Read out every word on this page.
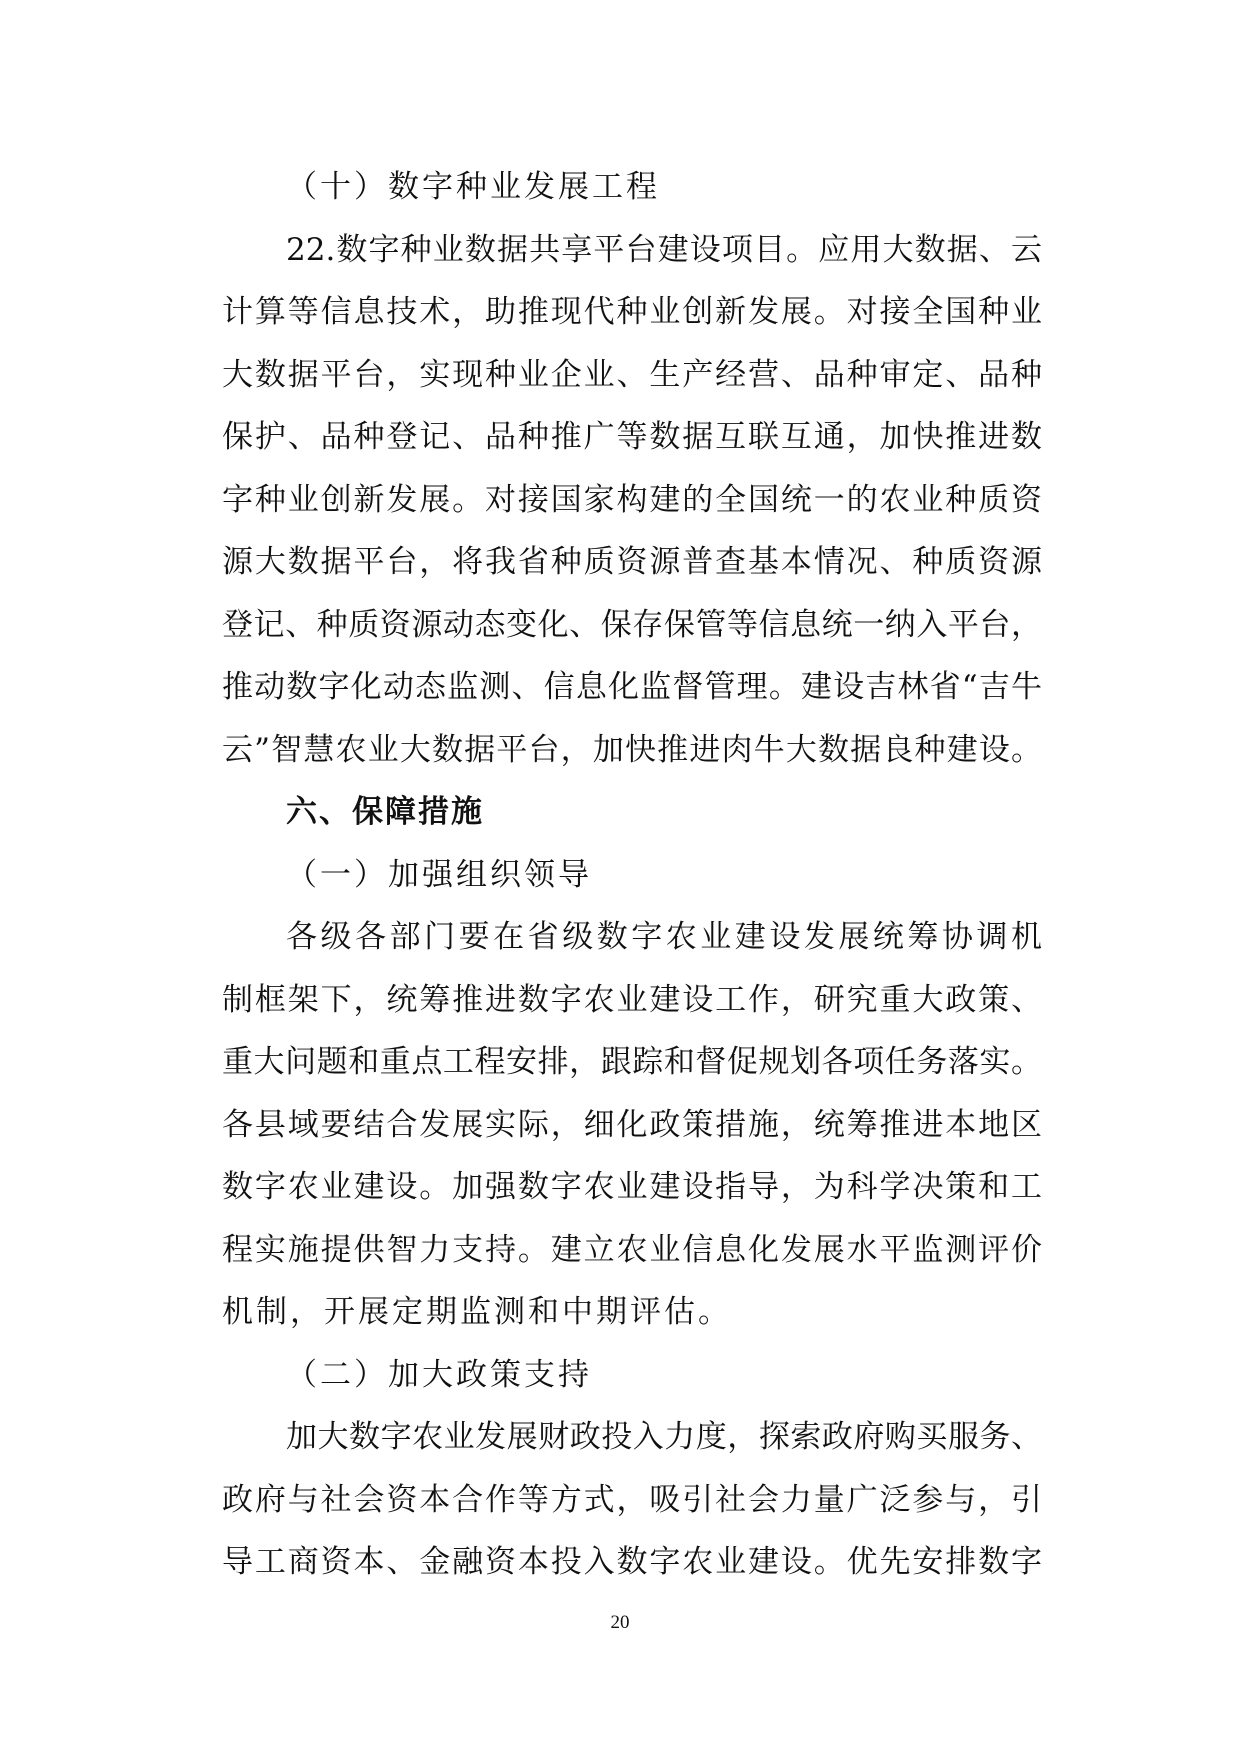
（十）数字种业发展工程
22.数字种业数据共享平台建设项目。应用大数据、云
计算等信息技术，助推现代种业创新发展。对接全国种业
大数据平台，实现种业企业、生产经营、品种审定、品种
保护、品种登记、品种推广等数据互联互通，加快推进数
字种业创新发展。对接国家构建的全国统一的农业种质资
源大数据平台，将我省种质资源普查基本情况、种质资源
登记、种质资源动态变化、保存保管等信息统一纳入平台，
推动数字化动态监测、信息化监督管理。建设吉林省“吉牛
云”智慧农业大数据平台，加快推进肉牛大数据良种建设。
六、保障措施
（一）加强组织领导
各级各部门要在省级数字农业建设发展统筹协调机
制框架下，统筹推进数字农业建设工作，研究重大政策、
重大问题和重点工程安排，跟踪和督促规划各项任务落实。
各县域要结合发展实际，细化政策措施，统筹推进本地区
数字农业建设。加强数字农业建设指导，为科学决策和工
程实施提供智力支持。建立农业信息化发展水平监测评价
机制，开展定期监测和中期评估。
（二）加大政策支持
加大数字农业发展财政投入力度，探索政府购买服务、
政府与社会资本合作等方式，吸引社会力量广泛参与，引
导工商资本、金融资本投入数字农业建设。优先安排数字
20
